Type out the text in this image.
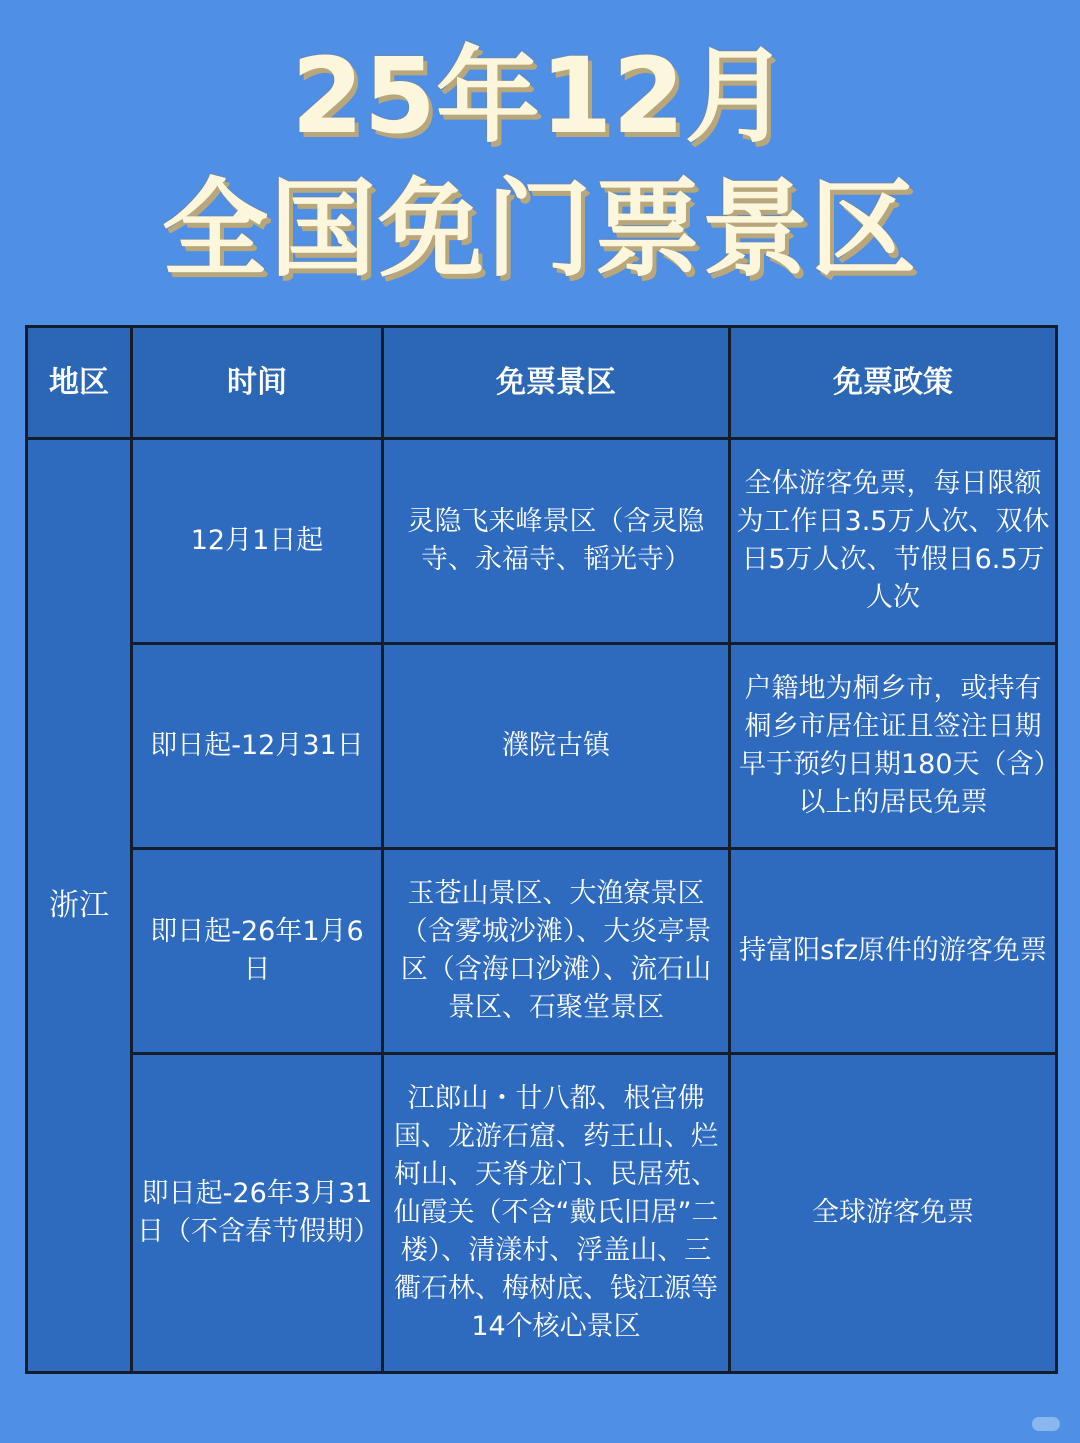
25年12月
全国免门票景区
地区	时间	免票景区	免票政策
浙江	12月1日起	灵隐飞来峰景区（含灵隐寺、永福寺、韬光寺）	全体游客免票，每日限额为工作日3.5万人次、双休日5万人次、节假日6.5万人次
	即日起-12月31日	濮院古镇	户籍地为桐乡市，或持有桐乡市居住证且签注日期早于预约日期180天（含）以上的居民免票
	即日起-26年1月6日	玉苍山景区、大渔寮景区（含雾城沙滩）、大炎亭景区（含海口沙滩）、流石山景区、石聚堂景区	持富阳sfz原件的游客免票
	即日起-26年3月31日（不含春节假期）	江郎山・廿八都、根宫佛国、龙游石窟、药王山、烂柯山、天脊龙门、民居苑、仙霞关（不含“戴氏旧居”二楼）、清漾村、浮盖山、三衢石林、梅树底、钱江源等14个核心景区	全球游客免票
